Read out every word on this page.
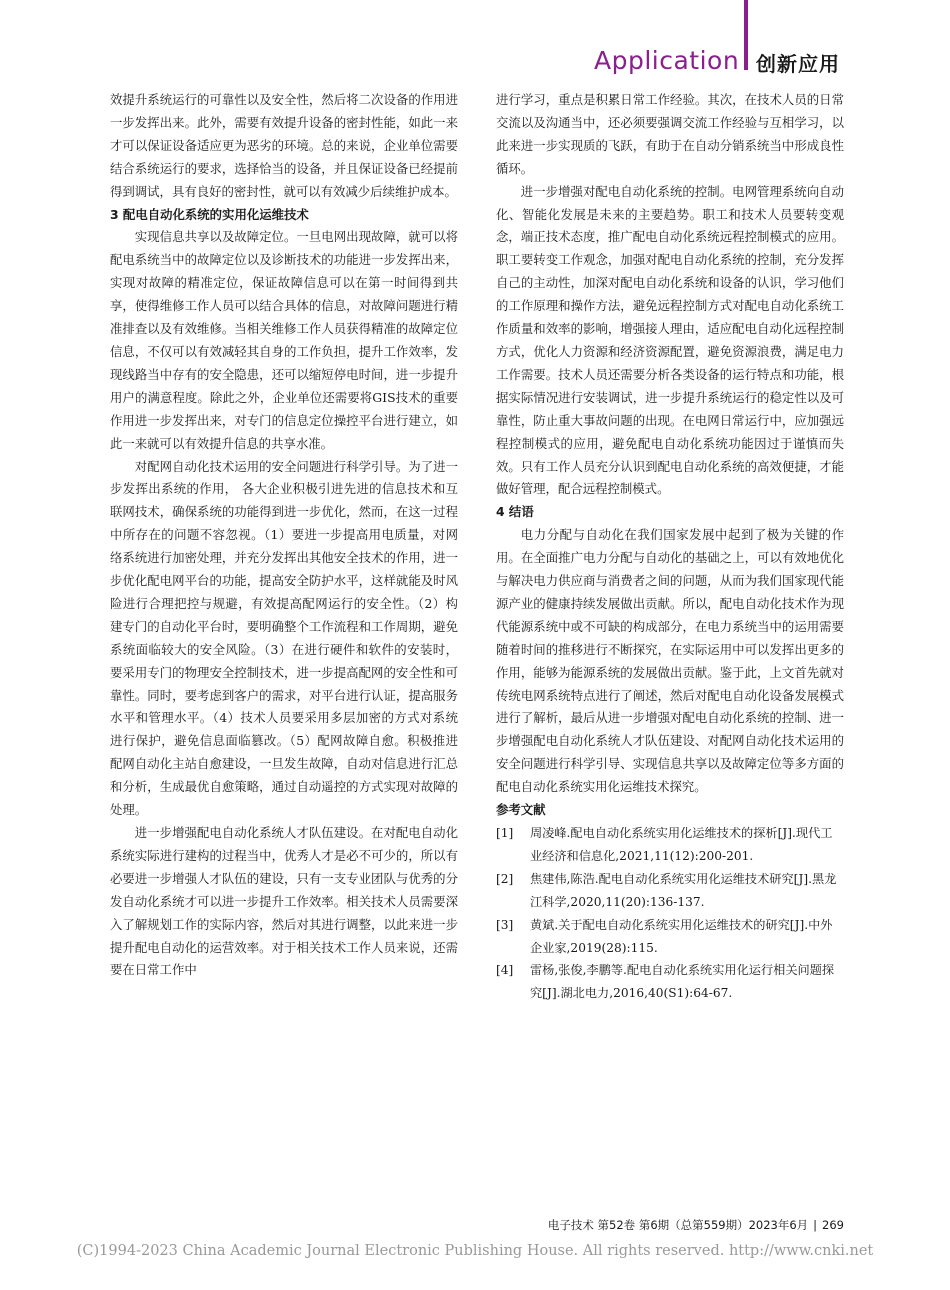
Application 创新应用

效提升系统运行的可靠性以及安全性，然后将二次设备的作用进一步发挥出来。此外，需要有效提升设备的密封性能，如此一来才可以保证设备适应更为恶劣的环境。总的来说，企业单位需要结合系统运行的要求，选择恰当的设备，并且保证设备已经提前得到调试，具有良好的密封性，就可以有效减少后续维护成本。

3 配电自动化系统的实用化运维技术

实现信息共享以及故障定位。一旦电网出现故障，就可以将配电系统当中的故障定位以及诊断技术的功能进一步发挥出来，实现对故障的精准定位，保证故障信息可以在第一时间得到共享，使得维修工作人员可以结合具体的信息，对故障问题进行精准排查以及有效维修。当相关维修工作人员获得精准的故障定位信息，不仅可以有效减轻其自身的工作负担，提升工作效率，发现线路当中存有的安全隐患，还可以缩短停电时间，进一步提升用户的满意程度。除此之外，企业单位还需要将GIS技术的重要作用进一步发挥出来，对专门的信息定位操控平台进行建立，如此一来就可以有效提升信息的共享水准。

对配网自动化技术运用的安全问题进行科学引导。为了进一步发挥出系统的作用， 各大企业积极引进先进的信息技术和互联网技术，确保系统的功能得到进一步优化，然而，在这一过程中所存在的问题不容忽视。（1）要进一步提高用电质量，对网络系统进行加密处理，并充分发挥出其他安全技术的作用，进一步优化配电网平台的功能，提高安全防护水平，这样就能及时风险进行合理把控与规避，有效提高配网运行的安全性。（2）构建专门的自动化平台时，要明确整个工作流程和工作周期，避免系统面临较大的安全风险。（3）在进行硬件和软件的安装时，要采用专门的物理安全控制技术，进一步提高配网的安全性和可靠性。同时，要考虑到客户的需求，对平台进行认证，提高服务水平和管理水平。（4）技术人员要采用多层加密的方式对系统进行保护，避免信息面临篡改。（5）配网故障自愈。积极推进配网自动化主站自愈建设，一旦发生故障，自动对信息进行汇总和分析，生成最优自愈策略，通过自动遥控的方式实现对故障的处理。

进一步增强配电自动化系统人才队伍建设。在对配电自动化系统实际进行建构的过程当中，优秀人才是必不可少的，所以有必要进一步增强人才队伍的建设，只有一支专业团队与优秀的分发自动化系统才可以进一步提升工作效率。相关技术人员需要深入了解规划工作的实际内容，然后对其进行调整，以此来进一步提升配电自动化的运营效率。对于相关技术工作人员来说，还需要在日常工作中

进行学习，重点是积累日常工作经验。其次，在技术人员的日常交流以及沟通当中，还必须要强调交流工作经验与互相学习，以此来进一步实现质的飞跃，有助于在自动分销系统当中形成良性循环。

进一步增强对配电自动化系统的控制。电网管理系统向自动化、智能化发展是未来的主要趋势。职工和技术人员要转变观念，端正技术态度，推广配电自动化系统远程控制模式的应用。职工要转变工作观念，加强对配电自动化系统的控制，充分发挥自己的主动性，加深对配电自动化系统和设备的认识，学习他们的工作原理和操作方法，避免远程控制方式对配电自动化系统工作质量和效率的影响，增强接人理由，适应配电自动化远程控制方式，优化人力资源和经济资源配置，避免资源浪费，满足电力工作需要。技术人员还需要分析各类设备的运行特点和功能，根据实际情况进行安装调试，进一步提升系统运行的稳定性以及可靠性，防止重大事故问题的出现。在电网日常运行中，应加强远程控制模式的应用，避免配电自动化系统功能因过于谨慎而失效。只有工作人员充分认识到配电自动化系统的高效便捷，才能做好管理，配合远程控制模式。

4 结语

电力分配与自动化在我们国家发展中起到了极为关键的作用。在全面推广电力分配与自动化的基础之上，可以有效地优化与解决电力供应商与消费者之间的问题，从而为我们国家现代能源产业的健康持续发展做出贡献。所以，配电自动化技术作为现代能源系统中或不可缺的构成部分，在电力系统当中的运用需要随着时间的推移进行不断探究，在实际运用中可以发挥出更多的作用，能够为能源系统的发展做出贡献。鉴于此，上文首先就对传统电网系统特点进行了阐述，然后对配电自动化设备发展模式进行了解析，最后从进一步增强对配电自动化系统的控制、进一步增强配电自动化系统人才队伍建设、对配网自动化技术运用的安全问题进行科学引导、实现信息共享以及故障定位等多方面的配电自动化系统实用化运维技术探究。

参考文献

[1]	周凌峰.配电自动化系统实用化运维技术的探析[J].现代工业经济和信息化,2021,11(12):200-201.
[2]	焦建伟,陈浩.配电自动化系统实用化运维技术研究[J].黑龙江科学,2020,11(20):136-137.
[3]	黄斌.关于配电自动化系统实用化运维技术的研究[J].中外企业家,2019(28):115.
[4]	雷杨,张俊,李鹏等.配电自动化系统实用化运行相关问题探究[J].湖北电力,2016,40(S1):64-67.
电子技术 第52卷 第6期（总第559期）2023年6月 | 269
(C)1994-2023 China Academic Journal Electronic Publishing House. All rights reserved. http://www.cnki.net
